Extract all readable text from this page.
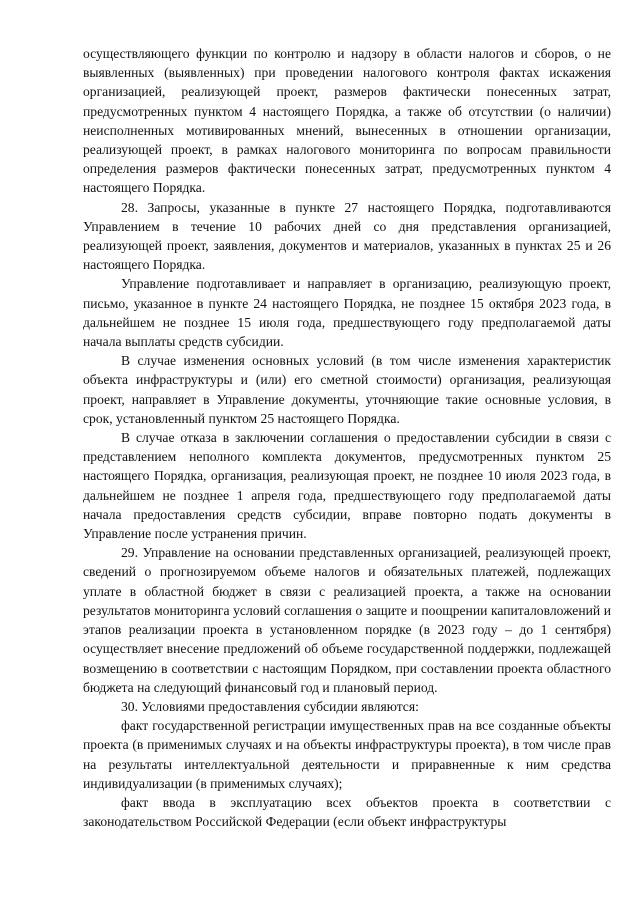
осуществляющего функции по контролю и надзору в области налогов и сборов, о не выявленных (выявленных) при проведении налогового контроля фактах искажения организацией, реализующей проект, размеров фактически понесенных затрат, предусмотренных пунктом 4 настоящего Порядка, а также об отсутствии (о наличии) неисполненных мотивированных мнений, вынесенных в отношении организации, реализующей проект, в рамках налогового мониторинга по вопросам правильности определения размеров фактически понесенных затрат, предусмотренных пунктом 4 настоящего Порядка.

28. Запросы, указанные в пункте 27 настоящего Порядка, подготавливаются Управлением в течение 10 рабочих дней со дня представления организацией, реализующей проект, заявления, документов и материалов, указанных в пунктах 25 и 26 настоящего Порядка.

Управление подготавливает и направляет в организацию, реализующую проект, письмо, указанное в пункте 24 настоящего Порядка, не позднее 15 октября 2023 года, в дальнейшем не позднее 15 июля года, предшествующего году предполагаемой даты начала выплаты средств субсидии.

В случае изменения основных условий (в том числе изменения характеристик объекта инфраструктуры и (или) его сметной стоимости) организация, реализующая проект, направляет в Управление документы, уточняющие такие основные условия, в срок, установленный пунктом 25 настоящего Порядка.

В случае отказа в заключении соглашения о предоставлении субсидии в связи с представлением неполного комплекта документов, предусмотренных пунктом 25 настоящего Порядка, организация, реализующая проект, не позднее 10 июля 2023 года, в дальнейшем не позднее 1 апреля года, предшествующего году предполагаемой даты начала предоставления средств субсидии, вправе повторно подать документы в Управление после устранения причин.

29. Управление на основании представленных организацией, реализующей проект, сведений о прогнозируемом объеме налогов и обязательных платежей, подлежащих уплате в областной бюджет в связи с реализацией проекта, а также на основании результатов мониторинга условий соглашения о защите и поощрении капиталовложений и этапов реализации проекта в установленном порядке (в 2023 году – до 1 сентября) осуществляет внесение предложений об объеме государственной поддержки, подлежащей возмещению в соответствии с настоящим Порядком, при составлении проекта областного бюджета на следующий финансовый год и плановый период.

30. Условиями предоставления субсидии являются:

факт государственной регистрации имущественных прав на все созданные объекты проекта (в применимых случаях и на объекты инфраструктуры проекта), в том числе прав на результаты интеллектуальной деятельности и приравненные к ним средства индивидуализации (в применимых случаях);

факт ввода в эксплуатацию всех объектов проекта в соответствии с законодательством Российской Федерации (если объект инфраструктуры
